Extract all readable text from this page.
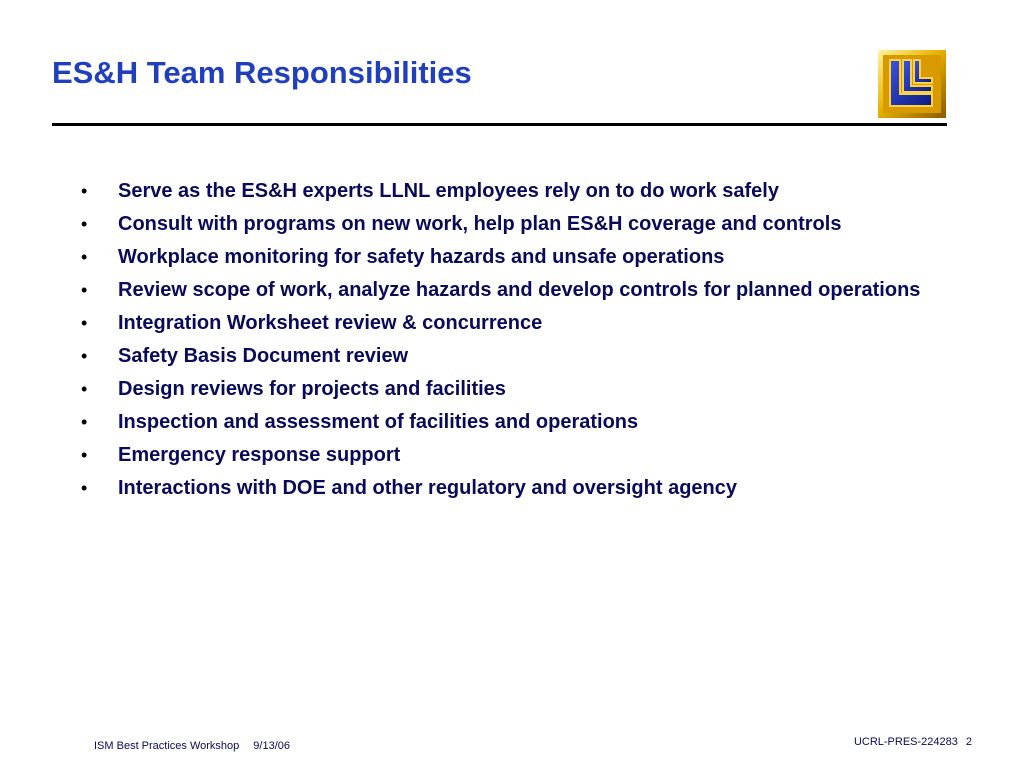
ES&H Team Responsibilities
• Serve as the ES&H experts LLNL employees rely on to do work safely
• Consult with programs on new work, help plan ES&H coverage and controls
• Workplace monitoring for safety hazards and unsafe operations
• Review scope of work, analyze hazards and develop controls for planned operations
• Integration Worksheet review & concurrence
• Safety Basis Document review
• Design reviews for projects and facilities
• Inspection and assessment of facilities and operations
• Emergency response support
• Interactions with DOE and other regulatory and oversight agency
ISM Best Practices Workshop 9/13/06	UCRL-PRES-224283 2
